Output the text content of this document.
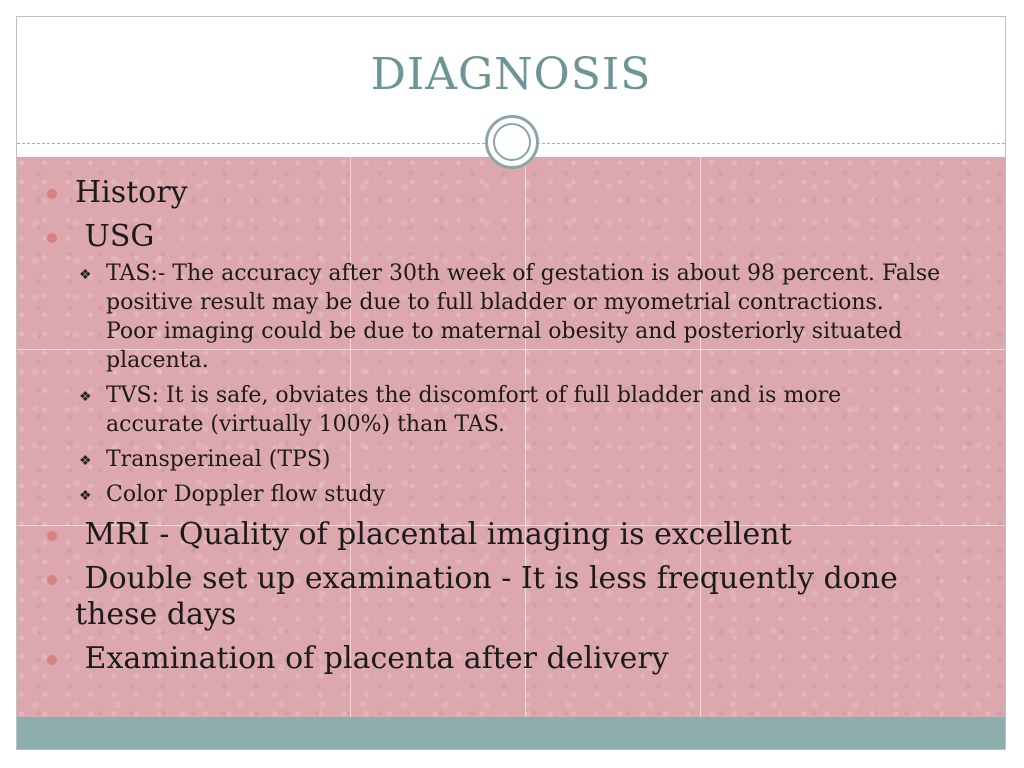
DIAGNOSIS
History
USG
❖ TAS:- The accuracy after 30th week of gestation is about 98 percent. False positive result may be due to full bladder or myometrial contractions. Poor imaging could be due to maternal obesity and posteriorly situated placenta.
❖ TVS: It is safe, obviates the discomfort of full bladder and is more accurate (virtually 100%) than TAS.
❖ Transperineal (TPS)
❖ Color Doppler flow study
MRI - Quality of placental imaging is excellent
Double set up examination - It is less frequently done these days
Examination of placenta after delivery
